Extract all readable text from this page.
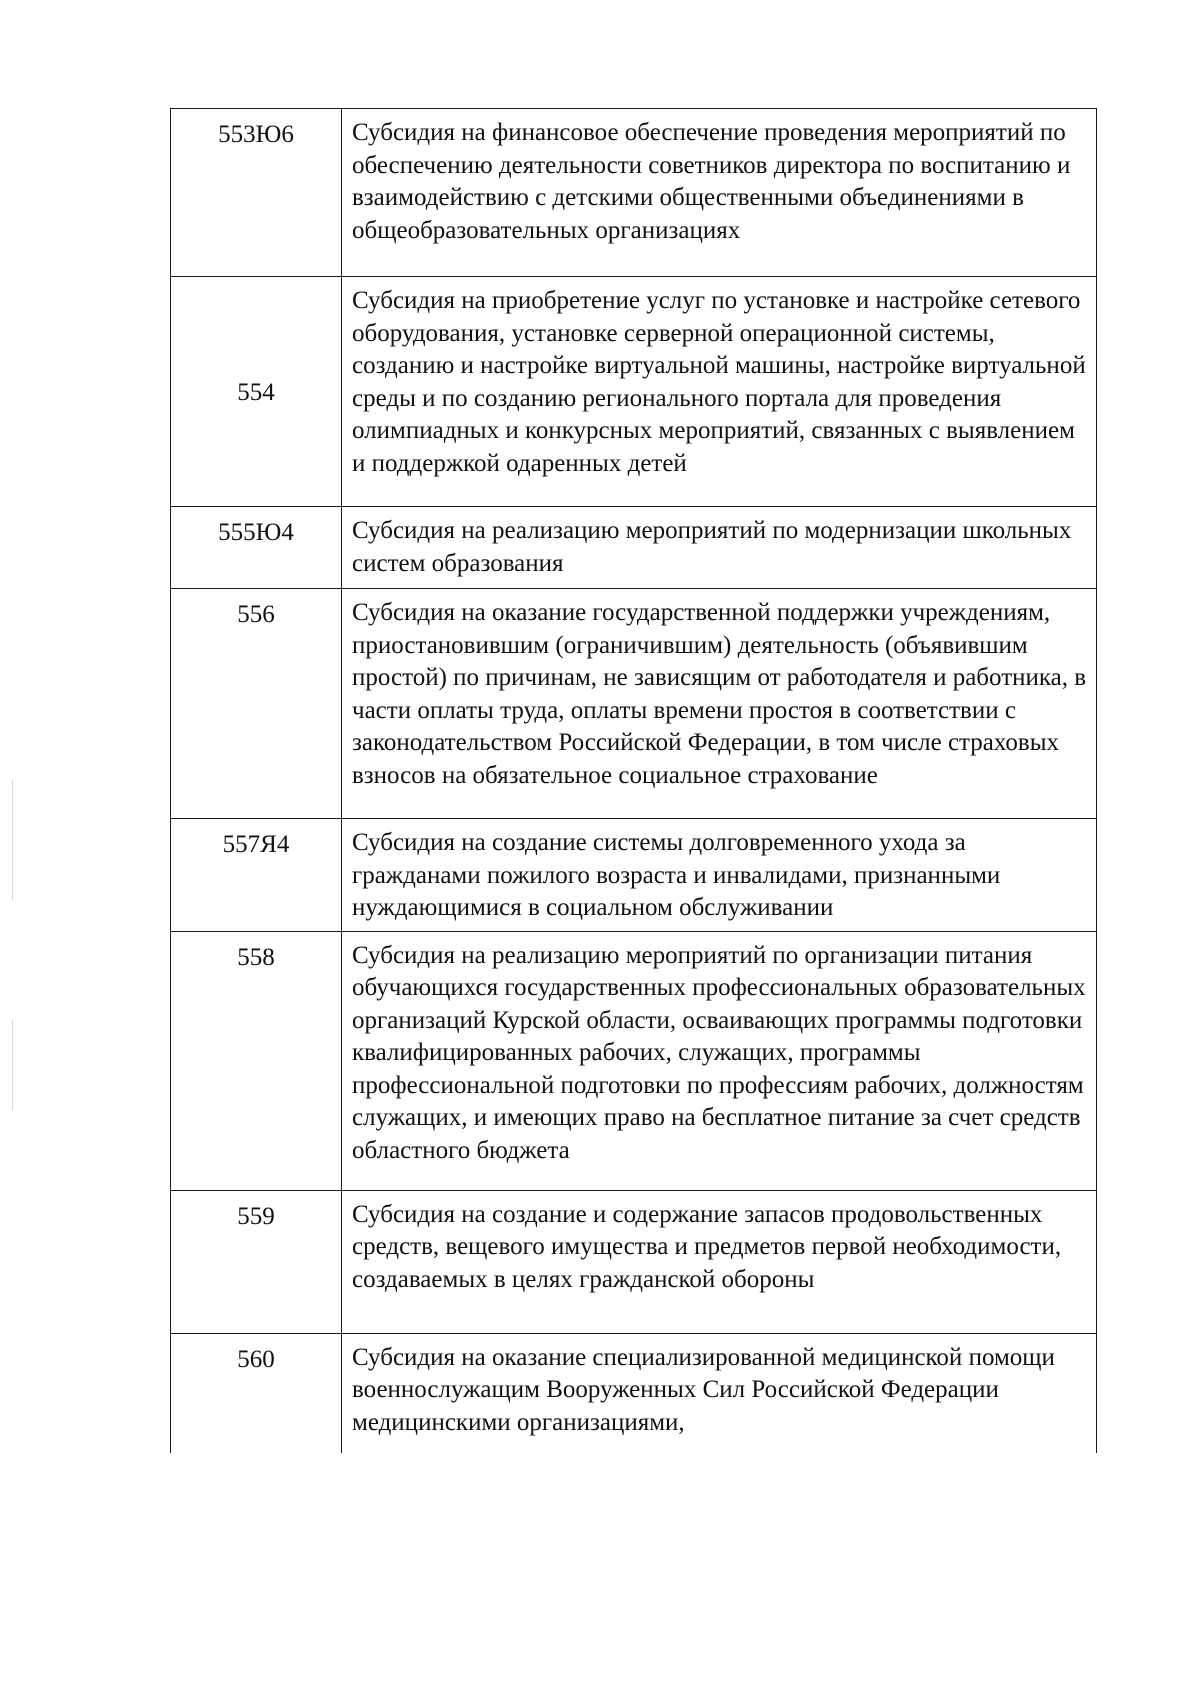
553Ю6	Субсидия на финансовое обеспечение проведения мероприятий по обеспечению деятельности советников директора по воспитанию и взаимодействию с детскими общественными объединениями в общеобразовательных организациях
554	Субсидия на приобретение услуг по установке и настройке сетевого оборудования, установке серверной операционной системы, созданию и настройке виртуальной машины, настройке виртуальной среды и по созданию регионального портала для проведения олимпиадных и конкурсных мероприятий, связанных с выявлением и поддержкой одаренных детей
555Ю4	Субсидия на реализацию мероприятий по модернизации школьных систем образования
556	Субсидия на оказание государственной поддержки учреждениям, приостановившим (ограничившим) деятельность (объявившим простой) по причинам, не зависящим от работодателя и работника, в части оплаты труда, оплаты времени простоя в соответствии с законодательством Российской Федерации, в том числе страховых взносов на обязательное социальное страхование
557Я4	Субсидия на создание системы долговременного ухода за гражданами пожилого возраста и инвалидами, признанными нуждающимися в социальном обслуживании
558	Субсидия на реализацию мероприятий по организации питания обучающихся государственных профессиональных образовательных организаций Курской области, осваивающих программы подготовки квалифицированных рабочих, служащих, программы профессиональной подготовки по профессиям рабочих, должностям служащих, и имеющих право на бесплатное питание за счет средств областного бюджета
559	Субсидия на создание и содержание запасов продовольственных средств, вещевого имущества и предметов первой необходимости, создаваемых в целях гражданской обороны
560	Субсидия на оказание специализированной медицинской помощи военнослужащим Вооруженных Сил Российской Федерации медицинскими организациями,
